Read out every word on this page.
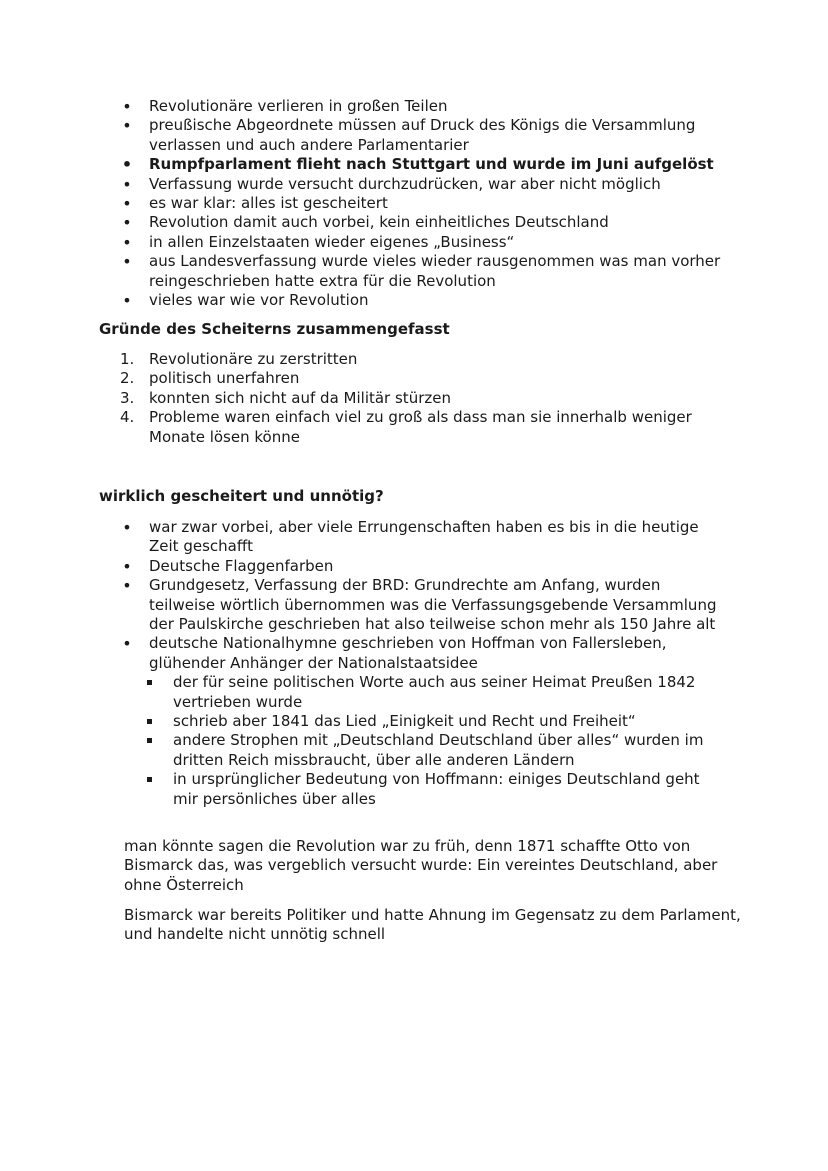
•
Revolutionäre verlieren in großen Teilen
•
preußische Abgeordnete müssen auf Druck des Königs die Versammlung verlassen und auch andere Parlamentarier
•
Rumpfparlament flieht nach Stuttgart und wurde im Juni aufgelöst
•
Verfassung wurde versucht durchzudrücken, war aber nicht möglich
•
es war klar: alles ist gescheitert
•
Revolution damit auch vorbei, kein einheitliches Deutschland
•
in allen Einzelstaaten wieder eigenes „Business“
•
aus Landesverfassung wurde vieles wieder rausgenommen was man vorher reingeschrieben hatte extra für die Revolution
•
vieles war wie vor Revolution
Gründe des Scheiterns zusammengefasst
1. Revolutionäre zu zerstritten
2. politisch unerfahren
3. konnten sich nicht auf da Militär stürzen
4. Probleme waren einfach viel zu groß als dass man sie innerhalb weniger Monate lösen könne
wirklich gescheitert und unnötig?
•
war zwar vorbei, aber viele Errungenschaften haben es bis in die heutige Zeit geschafft
•
Deutsche Flaggenfarben
•
Grundgesetz, Verfassung der BRD: Grundrechte am Anfang, wurden teilweise wörtlich übernommen was die Verfassungsgebende Versammlung der Paulskirche geschrieben hat also teilweise schon mehr als 150 Jahre alt
•
deutsche Nationalhymne geschrieben von Hoffman von Fallersleben, glühender Anhänger der Nationalstaatsidee
der für seine politischen Worte auch aus seiner Heimat Preußen 1842 vertrieben wurde
schrieb aber 1841 das Lied „Einigkeit und Recht und Freiheit“
andere Strophen mit „Deutschland Deutschland über alles“ wurden im dritten Reich missbraucht, über alle anderen Ländern
in ursprünglicher Bedeutung von Hoffmann: einiges Deutschland geht mir persönliches über alles
man könnte sagen die Revolution war zu früh, denn 1871 schaffte Otto von Bismarck das, was vergeblich versucht wurde: Ein vereintes Deutschland, aber ohne Österreich
Bismarck war bereits Politiker und hatte Ahnung im Gegensatz zu dem Parlament, und handelte nicht unnötig schnell
